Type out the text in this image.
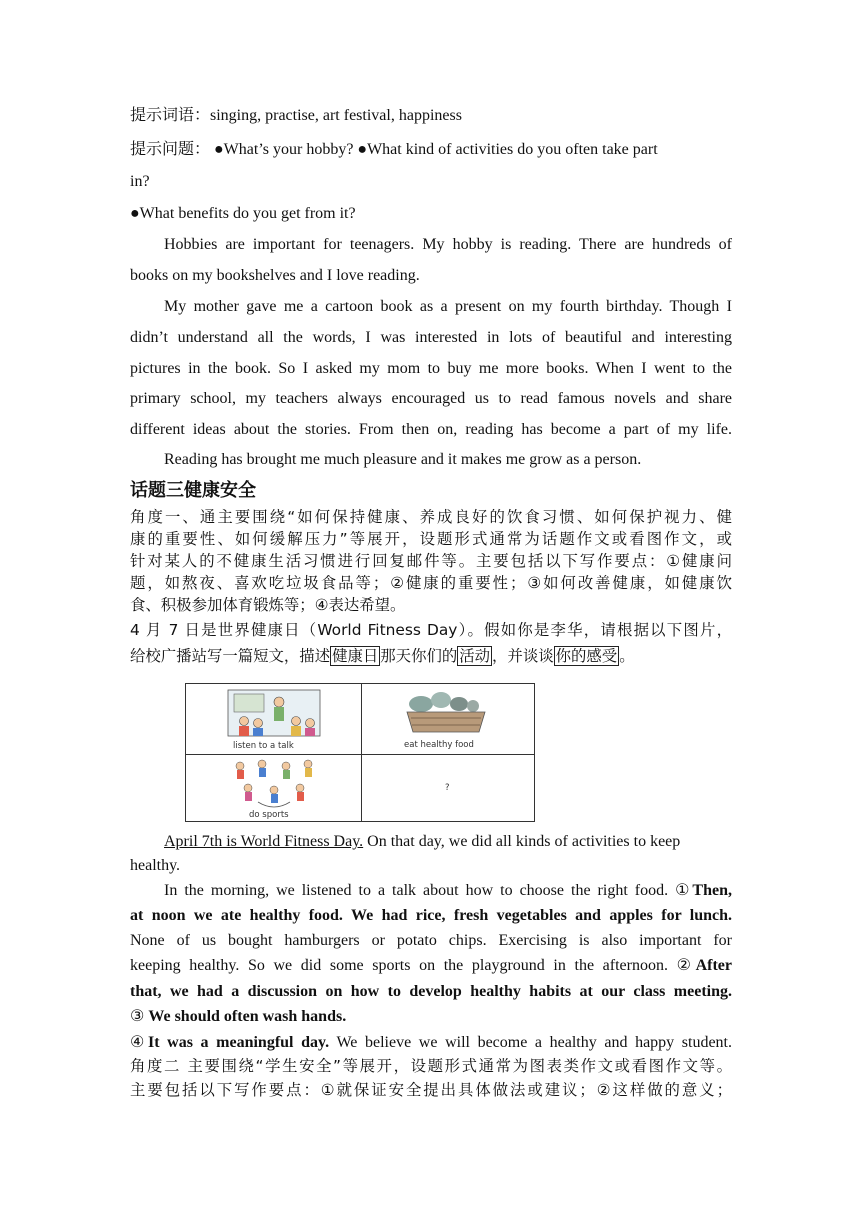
提示词语：singing, practise, art festival, happiness
提示问题： ●What’s your hobby? ●What kind of activities do you often take part
in?
●What benefits do you get from it?
Hobbies are important for teenagers. My hobby is reading. There are hundreds of
books on my bookshelves and I love reading.
My mother gave me a cartoon book as a present on my fourth birthday. Though I
didn’t understand all the words, I was interested in lots of beautiful and interesting
pictures in the book. So I asked my mom to buy me more books. When I went to the
primary school, my teachers always encouraged us to read famous novels and share
different ideas about the stories. From then on, reading has become a part of my life.
Reading has brought me much pleasure and it makes me grow as a person.
话题三健康安全
角度一、通主要围绕“如何保持健康、养成良好的饮食习惯、如何保护视力、健
康的重要性、如何缓解压力”等展开，设题形式通常为话题作文或看图作文，或
针对某人的不健康生活习惯进行回复邮件等。主要包括以下写作要点：①健康问
题，如熬夜、喜欢吃垃圾食品等；②健康的重要性；③如何改善健康，如健康饮
食、积极参加体育锻炼等；④表达希望。
4 月 7 日是世界健康日（World Fitness Day）。假如你是李华，请根据以下图片，
给校广播站写一篇短文，描述 健康日 那天你们的 活动 ，并谈谈 你的感受 。
listen to a talk	eat healthy food
do sports
?
April 7th is World Fitness Day. On that day, we did all kinds of activities to keep
healthy.
In the morning, we listened to a talk about how to choose the right food. ①Then,
at noon we ate healthy food. We had rice, fresh vegetables and apples for lunch.
None of us bought hamburgers or potato chips. Exercising is also important for
keeping healthy. So we did some sports on the playground in the afternoon. ②After
that, we had a discussion on how to develop healthy habits at our class meeting.
③ We should often wash hands.
④It was a meaningful day. We believe we will become a healthy and happy student.
角度二 主要围绕“学生安全”等展开，设题形式通常为图表类作文或看图作文等。
主要包括以下写作要点：①就保证安全提出具体做法或建议；②这样做的意义；
